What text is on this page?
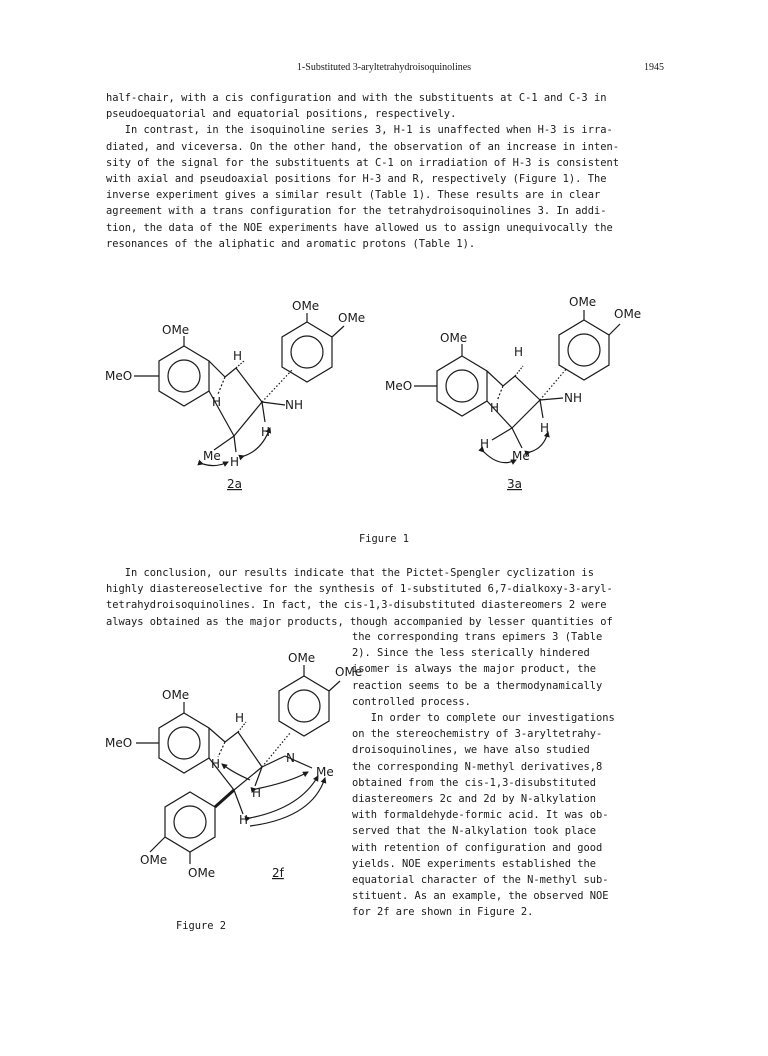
1-Substituted 3-aryltetrahydroisoquinolines	1945
half-chair, with a cis configuration and with the substituents at C-1 and C-3 in
pseudoequatorial and equatorial positions, respectively.
In contrast, in the isoquinoline series 3, H-1 is unaffected when H-3 is irra-
diated, and viceversa. On the other hand, the observation of an increase in inten-
sity of the signal for the substituents at C-1 on irradiation of H-3 is consistent
with axial and pseudoaxial positions for H-3 and R, respectively (Figure 1). The
inverse experiment gives a similar result (Table 1). These results are in clear
agreement with a trans configuration for the tetrahydroisoquinolines 3. In addi-
tion, the data of the NOE experiments have allowed us to assign unequivocally the
resonances of the aliphatic and aromatic protons (Table 1).
OMe
OMe
OMe
MeO
H
H	NH
H
Me H
2a
OMe
OMe
OMe
MeO
H
H
NH
H
H
Me
3a
Figure 1
In conclusion, our results indicate that the Pictet-Spengler cyclization is
highly diastereoselective for the synthesis of 1-substituted 6,7-dialkoxy-3-aryl-
tetrahydroisoquinolines. In fact, the cis-1,3-disubstituted diastereomers 2 were
always obtained as the major products, though accompanied by lesser quantities of
the corresponding trans epimers 3 (Table
2). Since the less sterically hindered
isomer is always the major product, the
reaction seems to be a thermodynamically
controlled process.
In order to complete our investigations
on the stereochemistry of 3-aryltetrahy-
droisoquinolines, we have also studied
the corresponding N-methyl derivatives,8
obtained from the cis-1,3-disubstituted
diastereomers 2c and 2d by N-alkylation
with formaldehyde-formic acid. It was ob-
served that the N-alkylation took place
with retention of configuration and good
yields. NOE experiments established the
equatorial character of the N-methyl sub-
stituent. As an example, the observed NOE
for 2f are shown in Figure 2.
OMe
OMe
OMe
MeO
H
H	N
Me
H
H
OMe
OMe	2f
Figure 2
